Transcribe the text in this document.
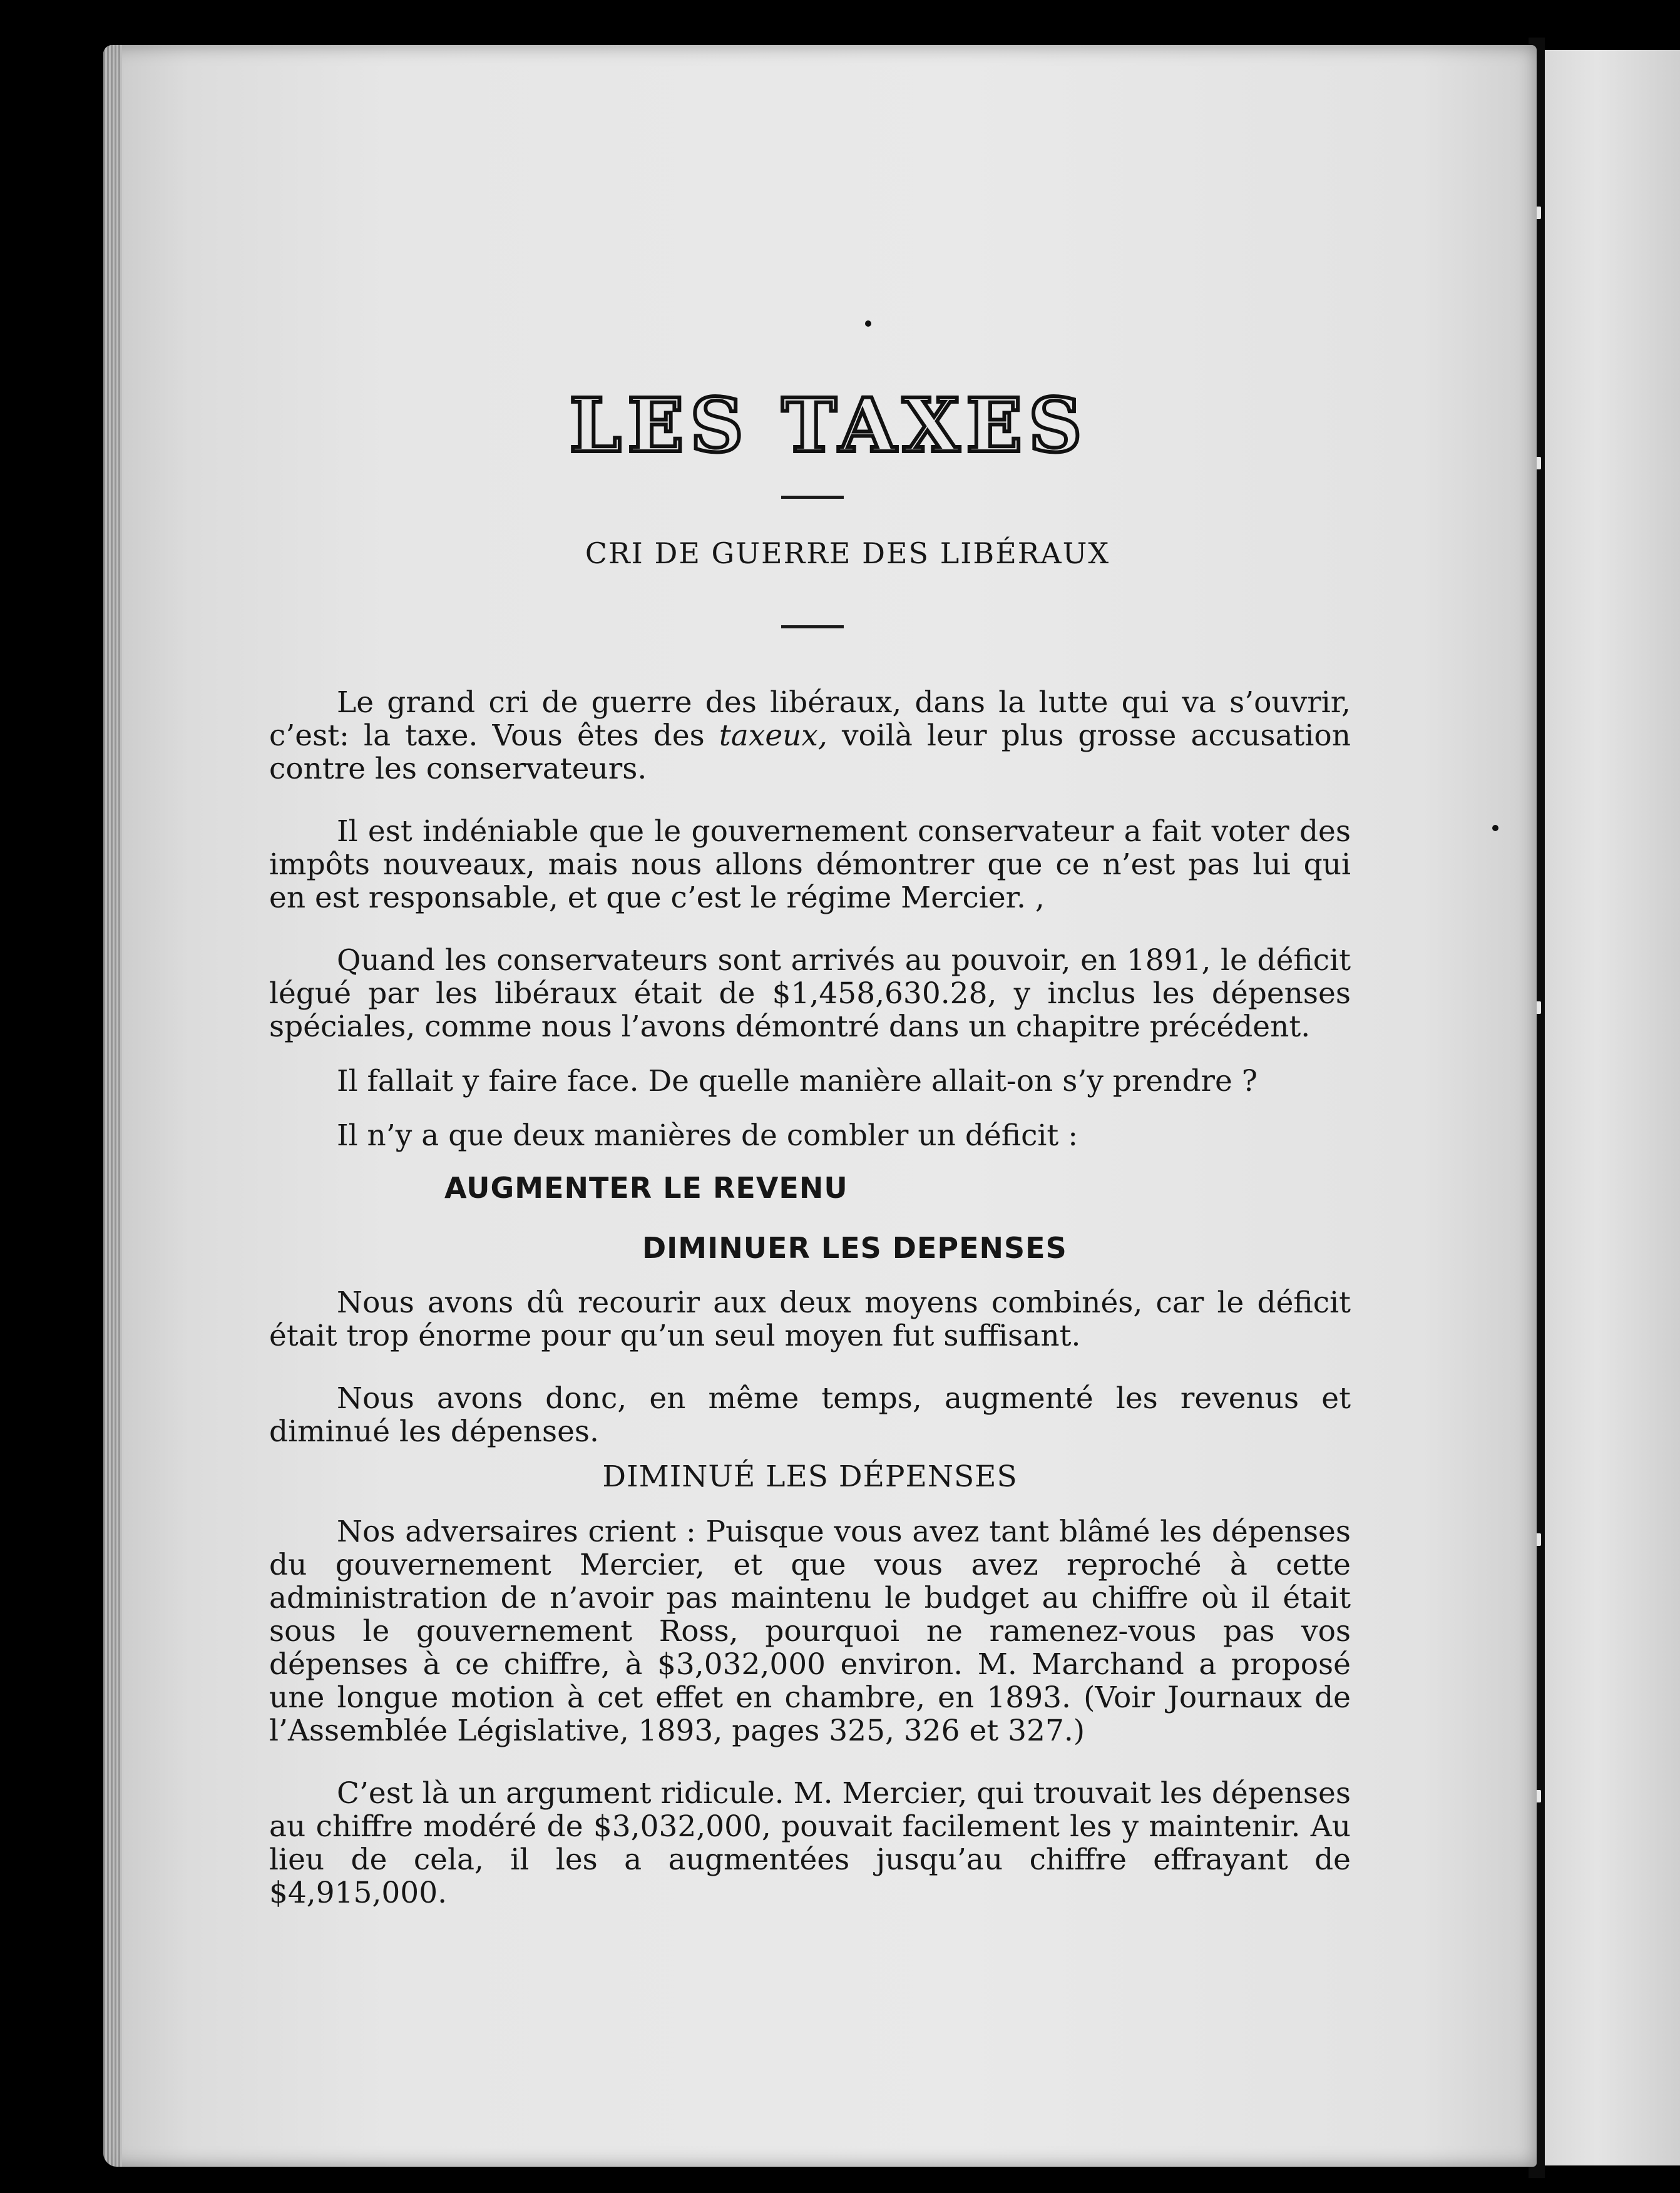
LES TAXES
CRI DE GUERRE DES LIBÉRAUX

Le grand cri de guerre des libéraux, dans la lutte qui va s’ouvrir, c’est: la taxe. Vous êtes des taxeux, voilà leur plus grosse accusation contre les conservateurs.

Il est indéniable que le gouvernement conservateur a fait voter des impôts nouveaux, mais nous allons démontrer que ce n’est pas lui qui en est responsable, et que c’est le régime Mercier. ,

Quand les conservateurs sont arrivés au pouvoir, en 1891, le déficit légué par les libéraux était de $1,458,630.28, y inclus les dépenses spéciales, comme nous l’avons démontré dans un chapitre précédent.

Il fallait y faire face. De quelle manière allait-on s’y prendre ?

Il n’y a que deux manières de combler un déficit :

AUGMENTER LE REVENU
DIMINUER LES DEPENSES

Nous avons dû recourir aux deux moyens combinés, car le déficit était trop énorme pour qu’un seul moyen fut suffisant.

Nous avons donc, en même temps, augmenté les revenus et diminué les dépenses.

DIMINUÉ LES DÉPENSES

Nos adversaires crient : Puisque vous avez tant blâmé les dépenses du gouvernement Mercier, et que vous avez reproché à cette administration de n’avoir pas maintenu le budget au chiffre où il était sous le gouvernement Ross, pourquoi ne ramenez-vous pas vos dépenses à ce chiffre, à $3,032,000 environ. M. Marchand a proposé une longue motion à cet effet en chambre, en 1893. (Voir Journaux de l’Assemblée Législative, 1893, pages 325, 326 et 327.)

C’est là un argument ridicule. M. Mercier, qui trouvait les dépenses au chiffre modéré de $3,032,000, pouvait facilement les y maintenir. Au lieu de cela, il les a augmentées jusqu’au chiffre effrayant de $4,915,000.
